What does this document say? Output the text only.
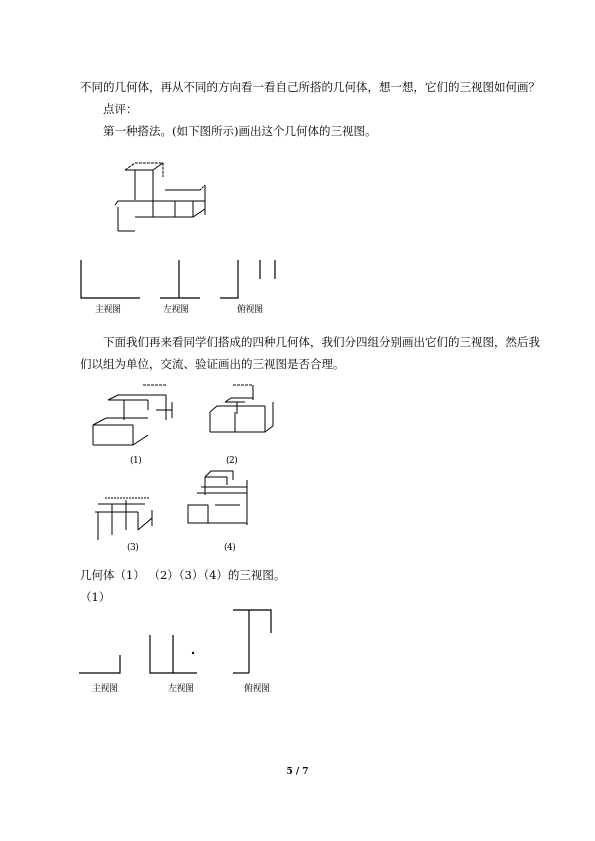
不同的几何体，再从不同的方向看一看自己所搭的几何体，想一想，它们的三视图如何画？
点评：
第一种搭法。(如下图所示)画出这个几何体的三视图。
主视图	左视图	俯视图
下面我们再来看同学们搭成的四种几何体，我们分四组分别画出它们的三视图，然后我
们以组为单位，交流、验证画出的三视图是否合理。
(1)	(2)
(3)	(4)
几何体（1） （2）（3）（4）的三视图。
（1）
主视图	左视图	俯视图
5 / 7
